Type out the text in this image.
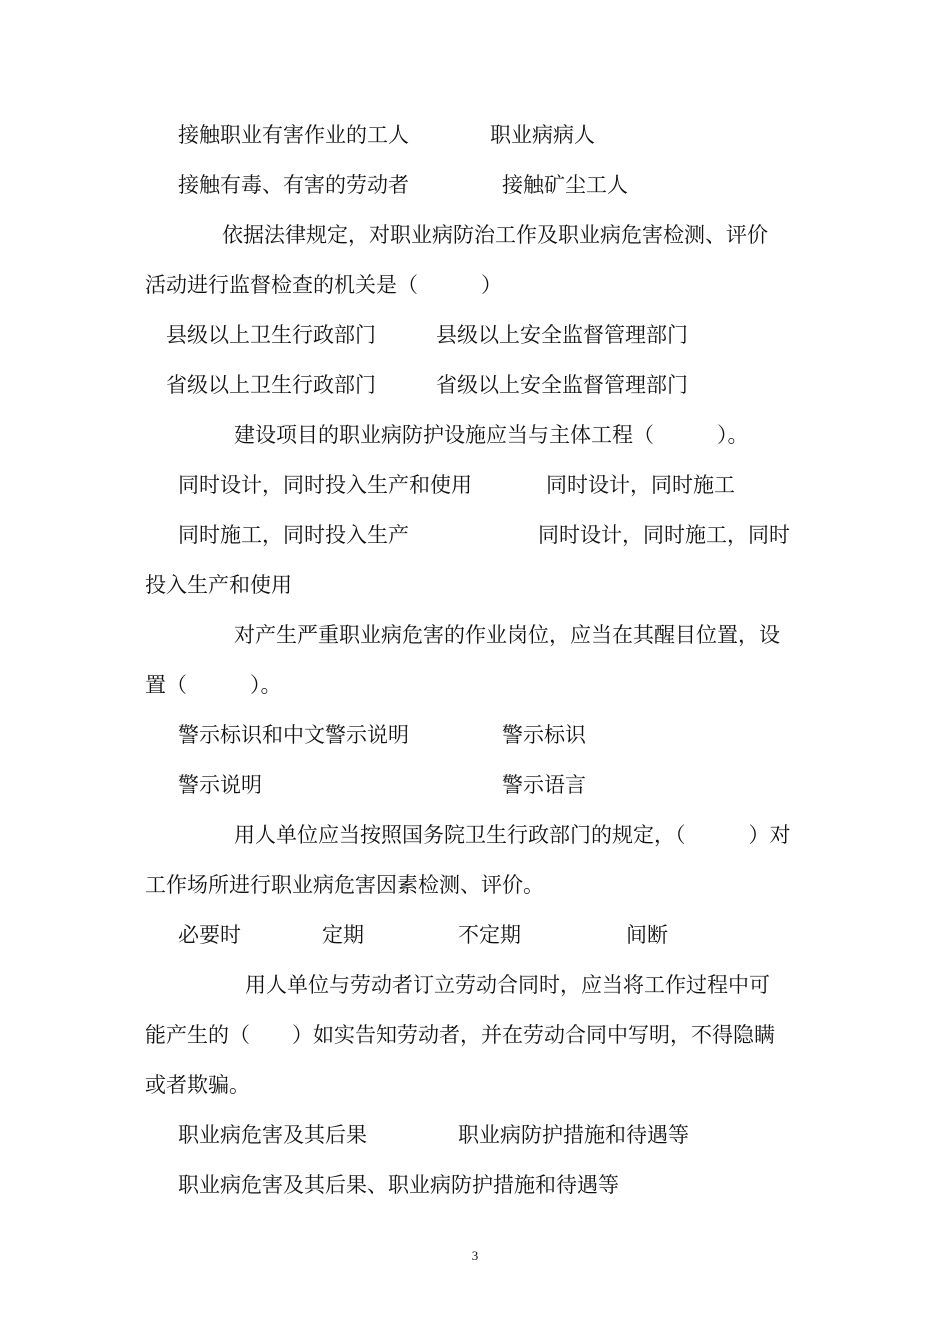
接触职业有害作业的工人	职业病病人
接触有毒、有害的劳动者	接触矿尘工人
依据法律规定，对职业病防治工作及职业病危害检测、评价
活动进行监督检查的机关是（　　　）
县级以上卫生行政部门	县级以上安全监督管理部门
省级以上卫生行政部门	省级以上安全监督管理部门
建设项目的职业病防护设施应当与主体工程（　　　）。
同时设计，同时投入生产和使用	同时设计，同时施工
同时施工，同时投入生产	同时设计，同时施工，同时
投入生产和使用
对产生严重职业病危害的作业岗位，应当在其醒目位置，设
置（　　　）。
警示标识和中文警示说明	警示标识
警示说明	警示语言
用人单位应当按照国务院卫生行政部门的规定，（　　　）对
工作场所进行职业病危害因素检测、评价。
必要时	定期	不定期	间断
用人单位与劳动者订立劳动合同时，应当将工作过程中可
能产生的（　　）如实告知劳动者，并在劳动合同中写明，不得隐瞒
或者欺骗。
职业病危害及其后果	职业病防护措施和待遇等
职业病危害及其后果、职业病防护措施和待遇等
3
